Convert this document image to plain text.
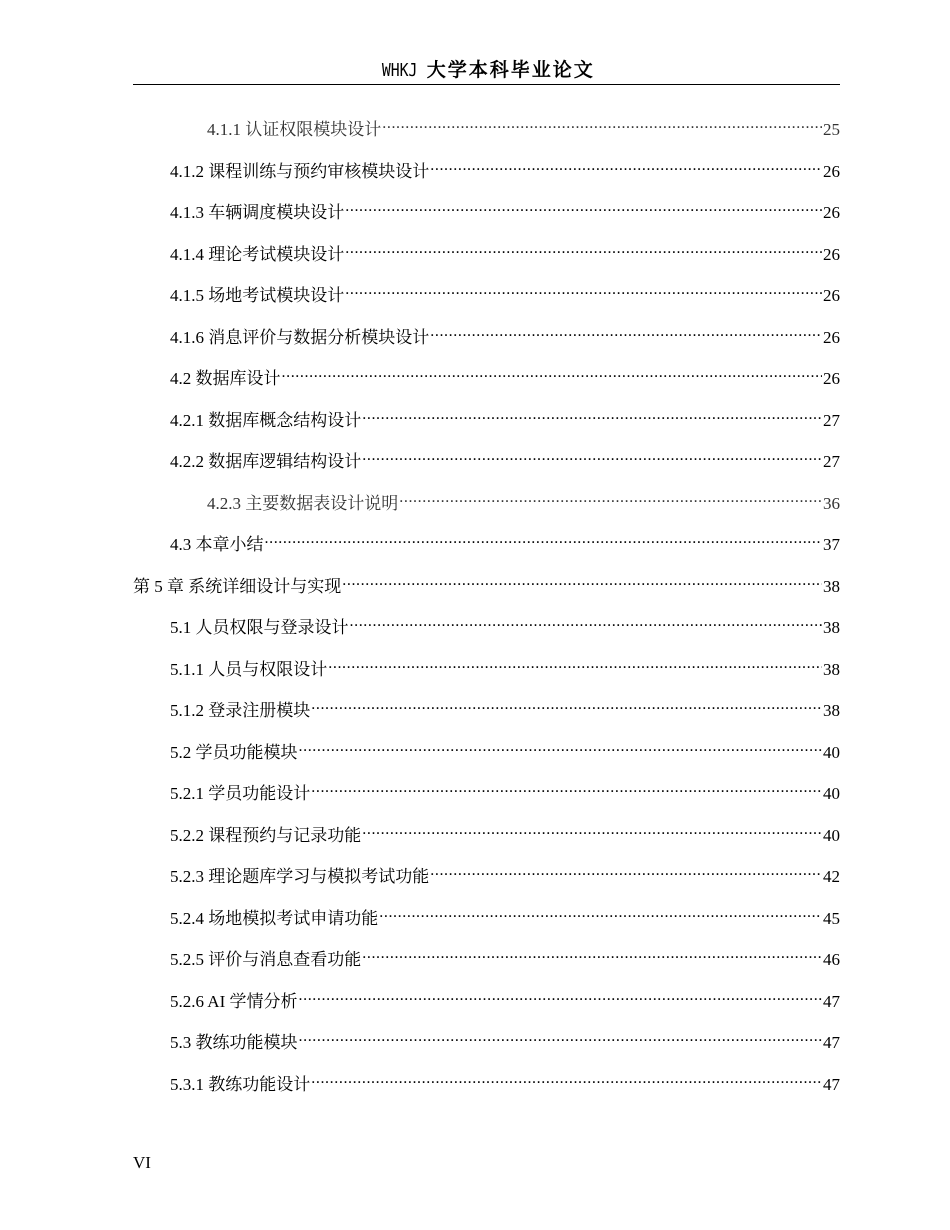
WHKJ 大学本科毕业论文
4.1.1 认证权限模块设计 .....	25
4.1.2 课程训练与预约审核模块设计 .....	26
4.1.3 车辆调度模块设计 .....	26
4.1.4 理论考试模块设计 .....	26
4.1.5 场地考试模块设计 .....	26
4.1.6 消息评价与数据分析模块设计 .....	26
4.2 数据库设计 .....	26
4.2.1 数据库概念结构设计 .....	27
4.2.2 数据库逻辑结构设计 .....	27
4.2.3 主要数据表设计说明 .....	36
4.3 本章小结 .....	37
第 5 章 系统详细设计与实现 .....	38
5.1 人员权限与登录设计 .....	38
5.1.1 人员与权限设计 .....	38
5.1.2 登录注册模块 .....	38
5.2 学员功能模块 .....	40
5.2.1 学员功能设计 .....	40
5.2.2 课程预约与记录功能 .....	40
5.2.3 理论题库学习与模拟考试功能 .....	42
5.2.4 场地模拟考试申请功能 .....	45
5.2.5 评价与消息查看功能 .....	46
5.2.6 AI 学情分析 .....	47
5.3 教练功能模块 .....	47
5.3.1 教练功能设计 .....	47
VI
